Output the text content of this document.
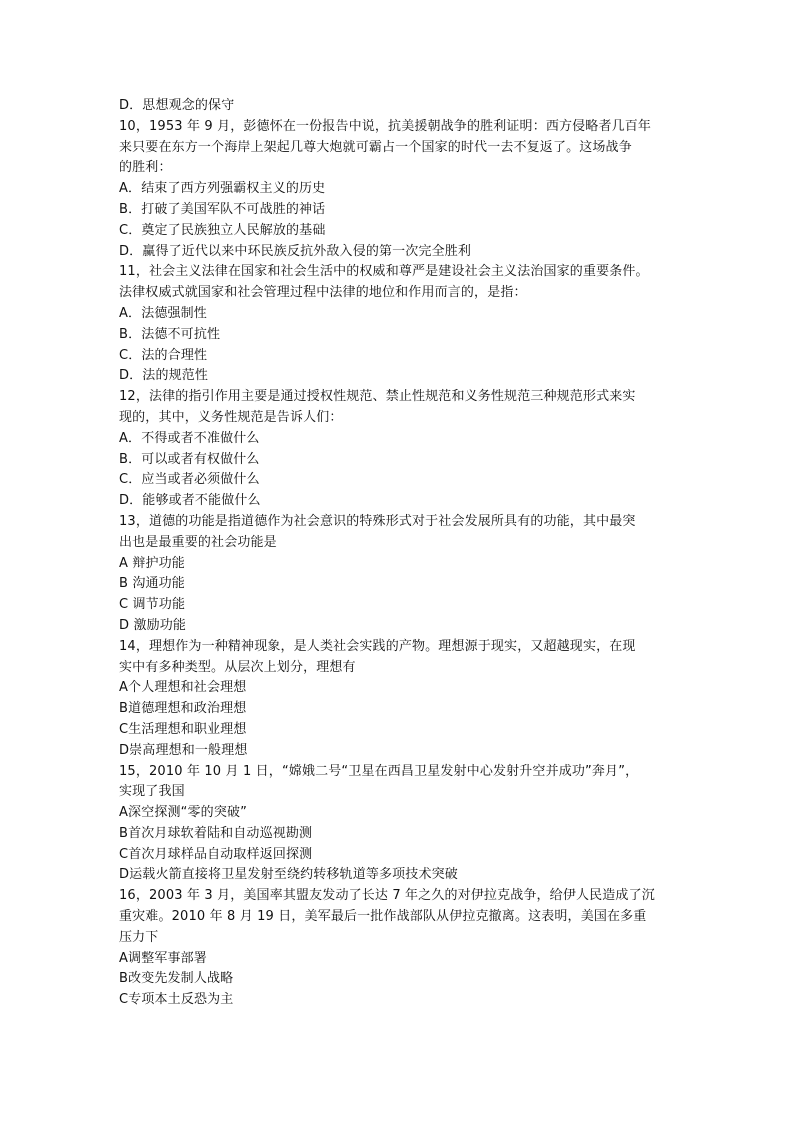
D．思想观念的保守
10，1953 年 9 月，彭德怀在一份报告中说，抗美援朝战争的胜利证明：西方侵略者几百年
来只要在东方一个海岸上架起几尊大炮就可霸占一个国家的时代一去不复返了。这场战争
的胜利：
A．结束了西方列强霸权主义的历史
B．打破了美国军队不可战胜的神话
C．奠定了民族独立人民解放的基础
D．赢得了近代以来中环民族反抗外敌入侵的第一次完全胜利
11，社会主义法律在国家和社会生活中的权威和尊严是建设社会主义法治国家的重要条件。
法律权威式就国家和社会管理过程中法律的地位和作用而言的，是指：
A．法德强制性
B．法德不可抗性
C．法的合理性
D．法的规范性
12，法律的指引作用主要是通过授权性规范、禁止性规范和义务性规范三种规范形式来实
现的，其中，义务性规范是告诉人们：
A．不得或者不准做什么
B．可以或者有权做什么
C．应当或者必须做什么
D．能够或者不能做什么
13，道德的功能是指道德作为社会意识的特殊形式对于社会发展所具有的功能，其中最突
出也是最重要的社会功能是
A 辩护功能
B 沟通功能
C 调节功能
D 激励功能
14，理想作为一种精神现象，是人类社会实践的产物。理想源于现实，又超越现实，在现
实中有多种类型。从层次上划分，理想有
A个人理想和社会理想
B道德理想和政治理想
C生活理想和职业理想
D崇高理想和一般理想
15，2010 年 10 月 1 日，“嫦娥二号“卫星在西昌卫星发射中心发射升空并成功”奔月”，
实现了我国
A深空探测“零的突破”
B首次月球软着陆和自动巡视勘测
C首次月球样品自动取样返回探测
D运载火箭直接将卫星发射至绕约转移轨道等多项技术突破
16，2003 年 3 月，美国率其盟友发动了长达 7 年之久的对伊拉克战争，给伊人民造成了沉
重灾难。2010 年 8 月 19 日，美军最后一批作战部队从伊拉克撤离。这表明，美国在多重
压力下
A调整军事部署
B改变先发制人战略
C专项本土反恐为主
